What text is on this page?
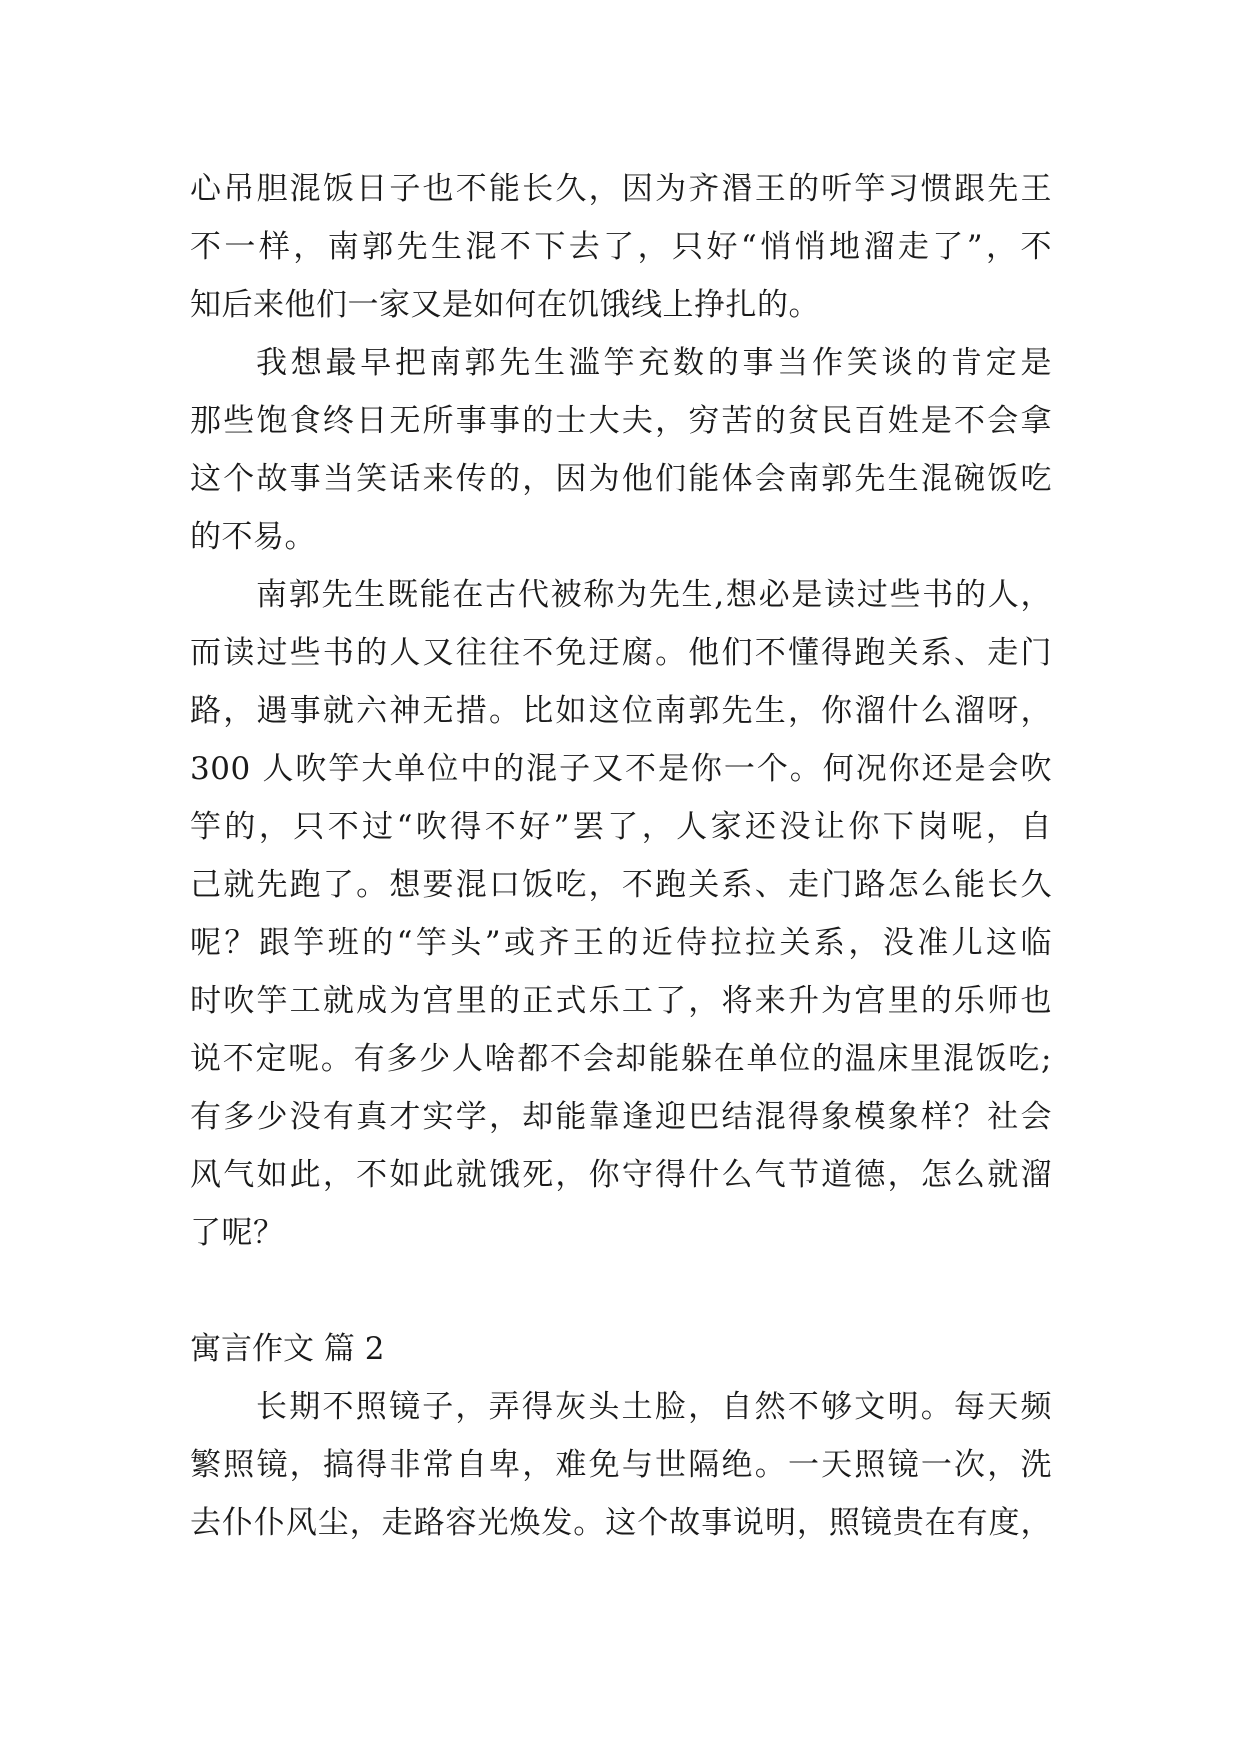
心吊胆混饭日子也不能长久，因为齐湣王的听竽习惯跟先王
不一样，南郭先生混不下去了，只好“悄悄地溜走了”，不
知后来他们一家又是如何在饥饿线上挣扎的。
我想最早把南郭先生滥竽充数的事当作笑谈的肯定是
那些饱食终日无所事事的士大夫，穷苦的贫民百姓是不会拿
这个故事当笑话来传的，因为他们能体会南郭先生混碗饭吃
的不易。
南郭先生既能在古代被称为先生,想必是读过些书的人，
而读过些书的人又往往不免迂腐。他们不懂得跑关系、走门
路，遇事就六神无措。比如这位南郭先生，你溜什么溜呀，
300 人吹竽大单位中的混子又不是你一个。何况你还是会吹
竽的，只不过“吹得不好”罢了，人家还没让你下岗呢，自
己就先跑了。想要混口饭吃，不跑关系、走门路怎么能长久
呢？跟竽班的“竽头”或齐王的近侍拉拉关系，没准儿这临
时吹竽工就成为宫里的正式乐工了，将来升为宫里的乐师也
说不定呢。有多少人啥都不会却能躲在单位的温床里混饭吃;
有多少没有真才实学，却能靠逢迎巴结混得象模象样？社会
风气如此，不如此就饿死，你守得什么气节道德，怎么就溜
了呢？
寓言作文 篇 2
长期不照镜子，弄得灰头土脸，自然不够文明。每天频
繁照镜，搞得非常自卑，难免与世隔绝。一天照镜一次，洗
去仆仆风尘，走路容光焕发。这个故事说明，照镜贵在有度，
